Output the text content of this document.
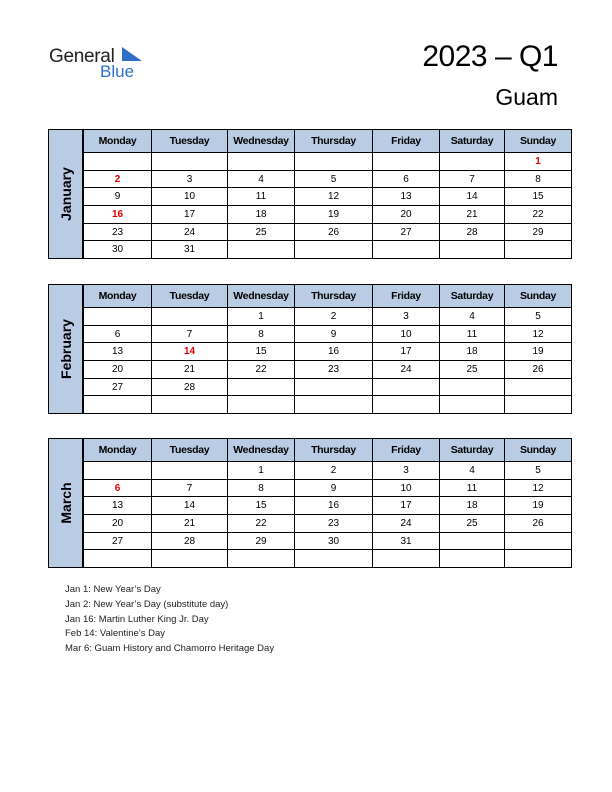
General
Blue	2023 – Q1
Guam
January
Monday	Tuesday	Wednesday	Thursday	Friday	Saturday	Sunday
						1
2	3	4	5	6	7	8
9	10	11	12	13	14	15
16	17	18	19	20	21	22
23	24	25	26	27	28	29
30	31					
February
Monday	Tuesday	Wednesday	Thursday	Friday	Saturday	Sunday
		1	2	3	4	5
6	7	8	9	10	11	12
13	14	15	16	17	18	19
20	21	22	23	24	25	26
27	28					

March
Monday	Tuesday	Wednesday	Thursday	Friday	Saturday	Sunday
		1	2	3	4	5
6	7	8	9	10	11	12
13	14	15	16	17	18	19
20	21	22	23	24	25	26
27	28	29	30	31		

Jan 1: New Year’s Day
Jan 2: New Year’s Day (substitute day)
Jan 16: Martin Luther King Jr. Day
Feb 14: Valentine’s Day
Mar 6: Guam History and Chamorro Heritage Day
